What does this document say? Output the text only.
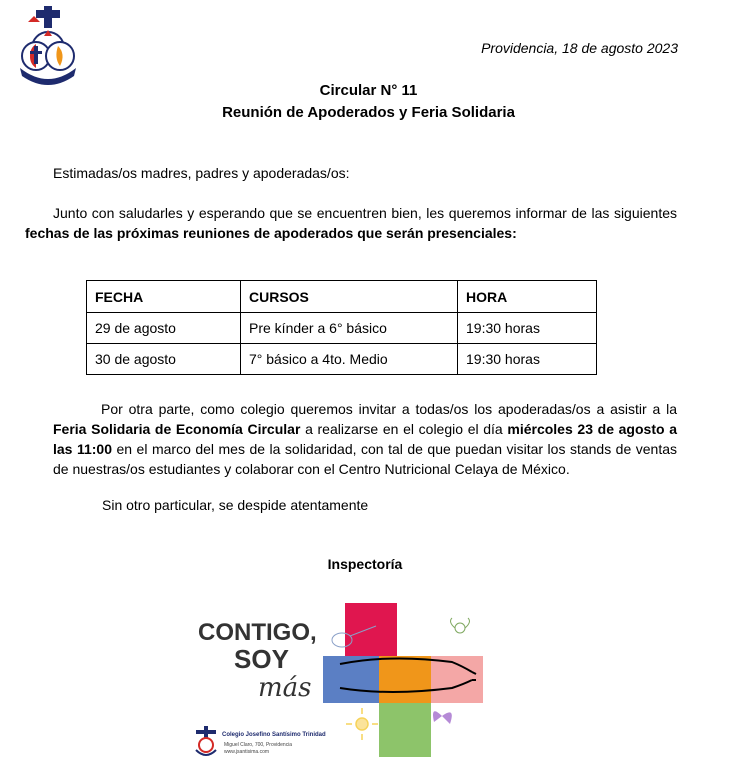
Providencia, 18 de agosto 2023
Circular N° 11
Reunión de Apoderados y Feria Solidaria
Estimadas/os madres, padres y apoderadas/os:
Junto con saludarles y esperando que se encuentren bien, les queremos informar de las siguientes fechas de las próximas reuniones de apoderados que serán presenciales:
FECHA	CURSOS	HORA
29 de agosto	Pre kínder a 6° básico	19:30 horas
30 de agosto	7° básico a 4to. Medio	19:30 horas
Por otra parte, como colegio queremos invitar a todas/os los apoderadas/os a asistir a la Feria Solidaria de Economía Circular a realizarse en el colegio el día miércoles 23 de agosto a las 11:00 en el marco del mes de la solidaridad, con tal de que puedan visitar los stands de ventas de nuestras/os estudiantes y colaborar con el Centro Nutricional Celaya de México.
Sin otro particular, se despide atentamente
Inspectoría
CONTIGO,
SOY
más
Colegio Josefino Santísimo Trinidad
Miguel Claro, 700, Providencia
www.jsantisima.com
